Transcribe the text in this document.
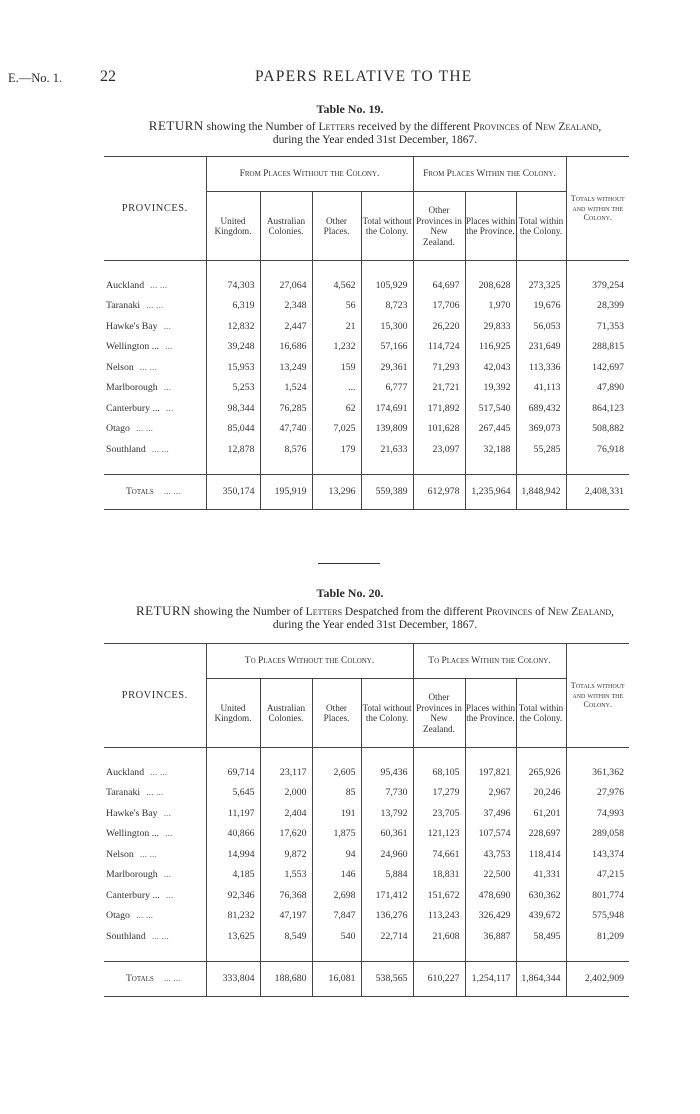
E.—No. 1. 22	PAPERS RELATIVE TO THE
Table No. 19.
RETURN showing the Number of Letters received by the different Provinces of New Zealand,
during the Year ended 31st December, 1867.
PROVINCES.	From Places Without the Colony.				From Places Within the Colony.			Totals without and within the Colony.
	United Kingdom.	Australian Colonies.	Other Places.	Total without the Colony.	Other Provinces in New Zealand.	Places within the Province.	Total within the Colony.	

Auckland ... ...	74,303	27,064	4,562	105,929	64,697	208,628	273,325	379,254
Taranaki ... ...	6,319	2,348	56	8,723	17,706	1,970	19,676	28,399
Hawke's Bay ...	12,832	2,447	21	15,300	26,220	29,833	56,053	71,353
Wellington ... ...	39,248	16,686	1,232	57,166	114,724	116,925	231,649	288,815
Nelson ... ...	15,953	13,249	159	29,361	71,293	42,043	113,336	142,697
Marlborough ...	5,253	1,524	...	6,777	21,721	19,392	41,113	47,890
Canterbury ... ...	98,344	76,285	62	174,691	171,892	517,540	689,432	864,123
Otago ... ...	85,044	47,740	7,025	139,809	101,628	267,445	369,073	508,882
Southland ... ...	12,878	8,576	179	21,633	23,097	32,188	55,285	76,918

Totals ... ...	350,174	195,919	13,296	559,389	612,978	1,235,964	1,848,942	2,408,331
Table No. 20.
RETURN showing the Number of Letters Despatched from the different Provinces of New Zealand,
during the Year ended 31st December, 1867.
PROVINCES.	To Places Without the Colony.				To Places Within the Colony.			Totals without and within the Colony.
	United Kingdom.	Australian Colonies.	Other Places.	Total without the Colony.	Other Provinces in New Zealand.	Places within the Province.	Total within the Colony.	

Auckland ... ...	69,714	23,117	2,605	95,436	68,105	197,821	265,926	361,362
Taranaki ... ...	5,645	2,000	85	7,730	17,279	2,967	20,246	27,976
Hawke's Bay ...	11,197	2,404	191	13,792	23,705	37,496	61,201	74,993
Wellington ... ...	40,866	17,620	1,875	60,361	121,123	107,574	228,697	289,058
Nelson ... ...	14,994	9,872	94	24,960	74,661	43,753	118,414	143,374
Marlborough ...	4,185	1,553	146	5,884	18,831	22,500	41,331	47,215
Canterbury ... ...	92,346	76,368	2,698	171,412	151,672	478,690	630,362	801,774
Otago ... ...	81,232	47,197	7,847	136,276	113,243	326,429	439,672	575,948
Southland ... ...	13,625	8,549	540	22,714	21,608	36,887	58,495	81,209

Totals ... ...	333,804	188,680	16,081	538,565	610,227	1,254,117	1,864,344	2,402,909
